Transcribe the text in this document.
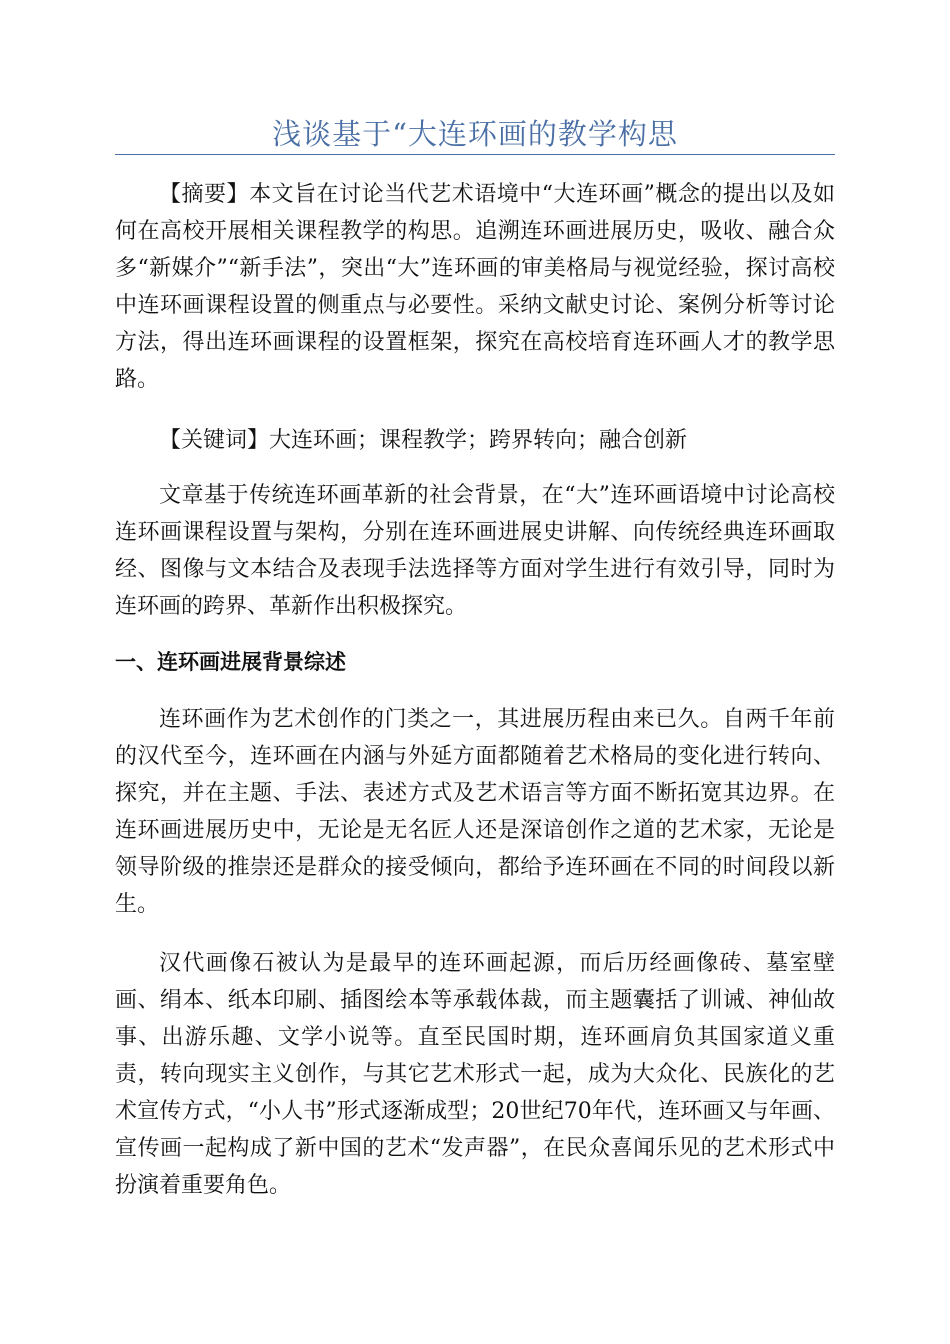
浅谈基于“大连环画的教学构思

【摘要】本文旨在讨论当代艺术语境中“大连环画”概念的提出以及如何在高校开展相关课程教学的构思。追溯连环画进展历史，吸收、融合众多“新媒介”“新手法”，突出“大”连环画的审美格局与视觉经验，探讨高校中连环画课程设置的侧重点与必要性。采纳文献史讨论、案例分析等讨论方法，得出连环画课程的设置框架，探究在高校培育连环画人才的教学思路。

【关键词】大连环画；课程教学；跨界转向；融合创新

文章基于传统连环画革新的社会背景，在“大”连环画语境中讨论高校连环画课程设置与架构，分别在连环画进展史讲解、向传统经典连环画取经、图像与文本结合及表现手法选择等方面对学生进行有效引导，同时为连环画的跨界、革新作出积极探究。

一、连环画进展背景综述

连环画作为艺术创作的门类之一，其进展历程由来已久。自两千年前的汉代至今，连环画在内涵与外延方面都随着艺术格局的变化进行转向、探究，并在主题、手法、表述方式及艺术语言等方面不断拓宽其边界。在连环画进展历史中，无论是无名匠人还是深谙创作之道的艺术家，无论是领导阶级的推崇还是群众的接受倾向，都给予连环画在不同的时间段以新生。

汉代画像石被认为是最早的连环画起源，而后历经画像砖、墓室壁画、绢本、纸本印刷、插图绘本等承载体裁，而主题囊括了训诫、神仙故事、出游乐趣、文学小说等。直至民国时期，连环画肩负其国家道义重责，转向现实主义创作，与其它艺术形式一起，成为大众化、民族化的艺术宣传方式，“小人书”形式逐渐成型；20世纪70年代，连环画又与年画、宣传画一起构成了新中国的艺术“发声器”，在民众喜闻乐见的艺术形式中扮演着重要角色。
